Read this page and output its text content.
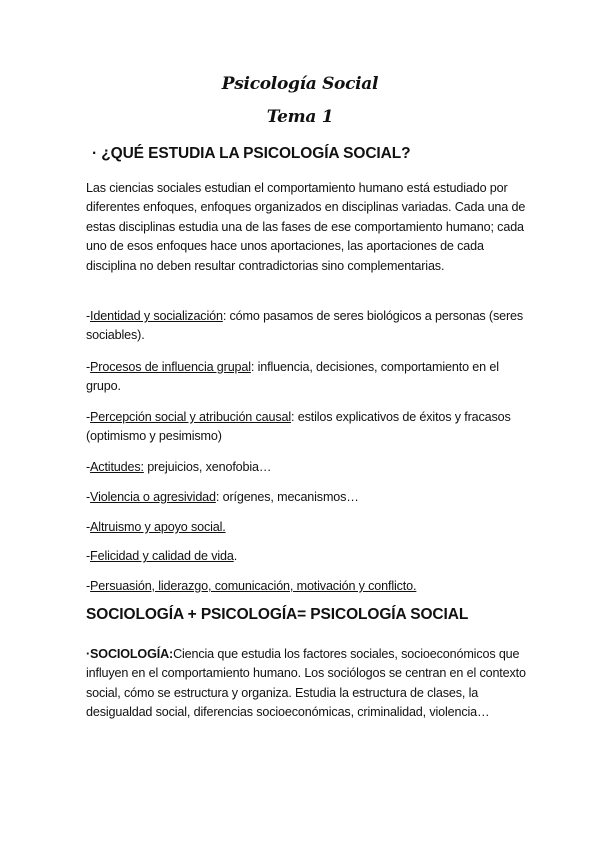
Psicología Social
Tema 1
· ¿QUÉ ESTUDIA LA PSICOLOGÍA SOCIAL?
Las ciencias sociales estudian el comportamiento humano está estudiado por diferentes enfoques, enfoques organizados en disciplinas variadas. Cada una de estas disciplinas estudia una de las fases de ese comportamiento humano; cada uno de esos enfoques hace unos aportaciones, las aportaciones de cada disciplina no deben resultar contradictorias sino complementarias.
-Identidad y socialización: cómo pasamos de seres biológicos a personas (seres sociables).
-Procesos de influencia grupal: influencia, decisiones, comportamiento en el grupo.
-Percepción social y atribución causal: estilos explicativos de éxitos y fracasos (optimismo y pesimismo)
-Actitudes: prejuicios, xenofobia…
-Violencia o agresividad: orígenes, mecanismos…
-Altruismo y apoyo social.
-Felicidad y calidad de vida.
-Persuasión, liderazgo, comunicación, motivación y conflicto.
SOCIOLOGÍA + PSICOLOGÍA= PSICOLOGÍA SOCIAL
·SOCIOLOGÍA:Ciencia que estudia los factores sociales, socioeconómicos que influyen en el comportamiento humano. Los sociólogos se centran en el contexto social, cómo se estructura y organiza. Estudia la estructura de clases, la desigualdad social, diferencias socioeconómicas, criminalidad, violencia…
